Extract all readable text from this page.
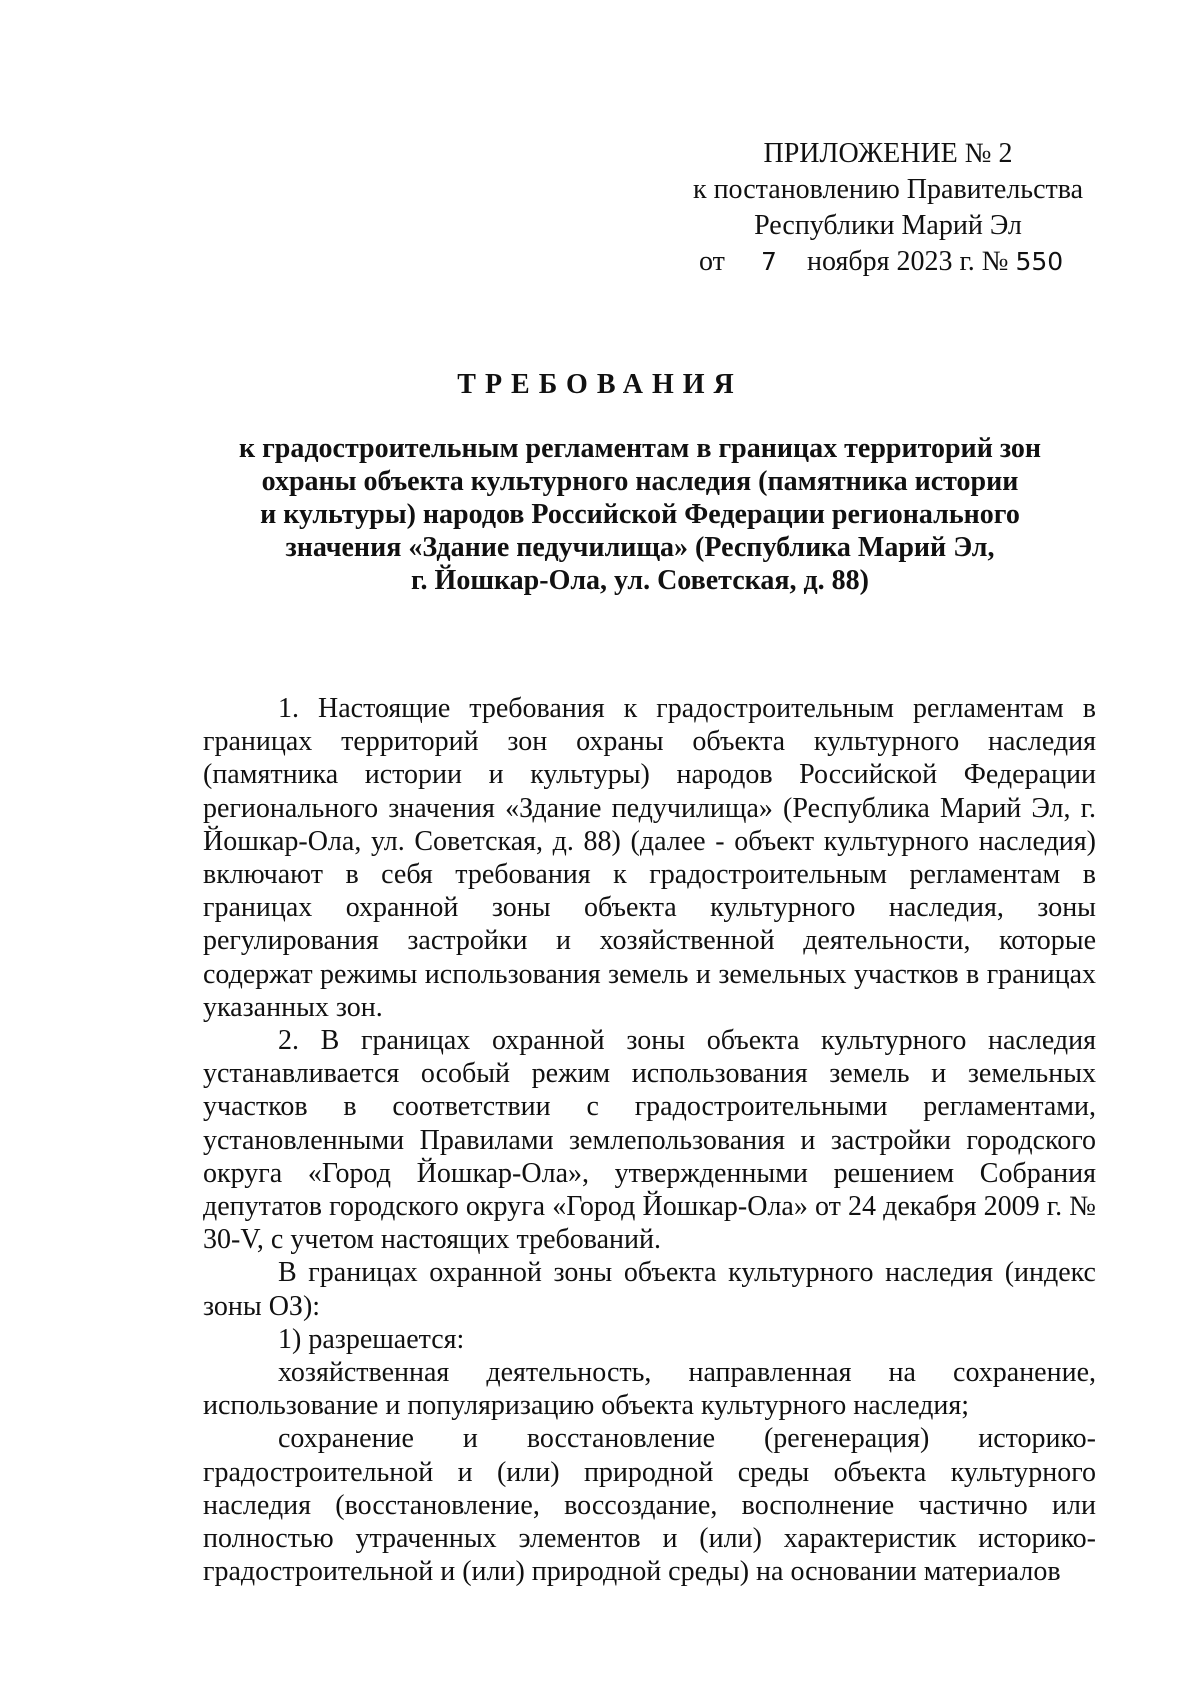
ПРИЛОЖЕНИЕ № 2
к постановлению Правительства
Республики Марий Эл
от 7 ноября 2023 г. № 550
ТРЕБОВАНИЯ
к градостроительным регламентам в границах территорий зон
охраны объекта культурного наследия (памятника истории
и культуры) народов Российской Федерации регионального
значения «Здание педучилища» (Республика Марий Эл,
г. Йошкар-Ола, ул. Советская, д. 88)

1. Настоящие требования к градостроительным регламентам в границах территорий зон охраны объекта культурного наследия (памятника истории и культуры) народов Российской Федерации регионального значения «Здание педучилища» (Республика Марий Эл, г. Йошкар-Ола, ул. Советская, д. 88) (далее - объект культурного наследия) включают в себя требования к градостроительным регламентам в границах охранной зоны объекта культурного наследия, зоны регулирования застройки и хозяйственной деятельности, которые содержат режимы использования земель и земельных участков в границах указанных зон.

2. В границах охранной зоны объекта культурного наследия устанавливается особый режим использования земель и земельных участков в соответствии с градостроительными регламентами, установленными Правилами землепользования и застройки городского округа «Город Йошкар-Ола», утвержденными решением Собрания депутатов городского округа «Город Йошкар-Ола» от 24 декабря 2009 г. № 30-V, с учетом настоящих требований.

В границах охранной зоны объекта культурного наследия (индекс зоны ОЗ):

1) разрешается:

хозяйственная деятельность, направленная на сохранение, использование и популяризацию объекта культурного наследия;

сохранение и восстановление (регенерация) историко-градостроительной и (или) природной среды объекта культурного наследия (восстановление, воссоздание, восполнение частично или полностью утраченных элементов и (или) характеристик историко-градостроительной и (или) природной среды) на основании материалов
